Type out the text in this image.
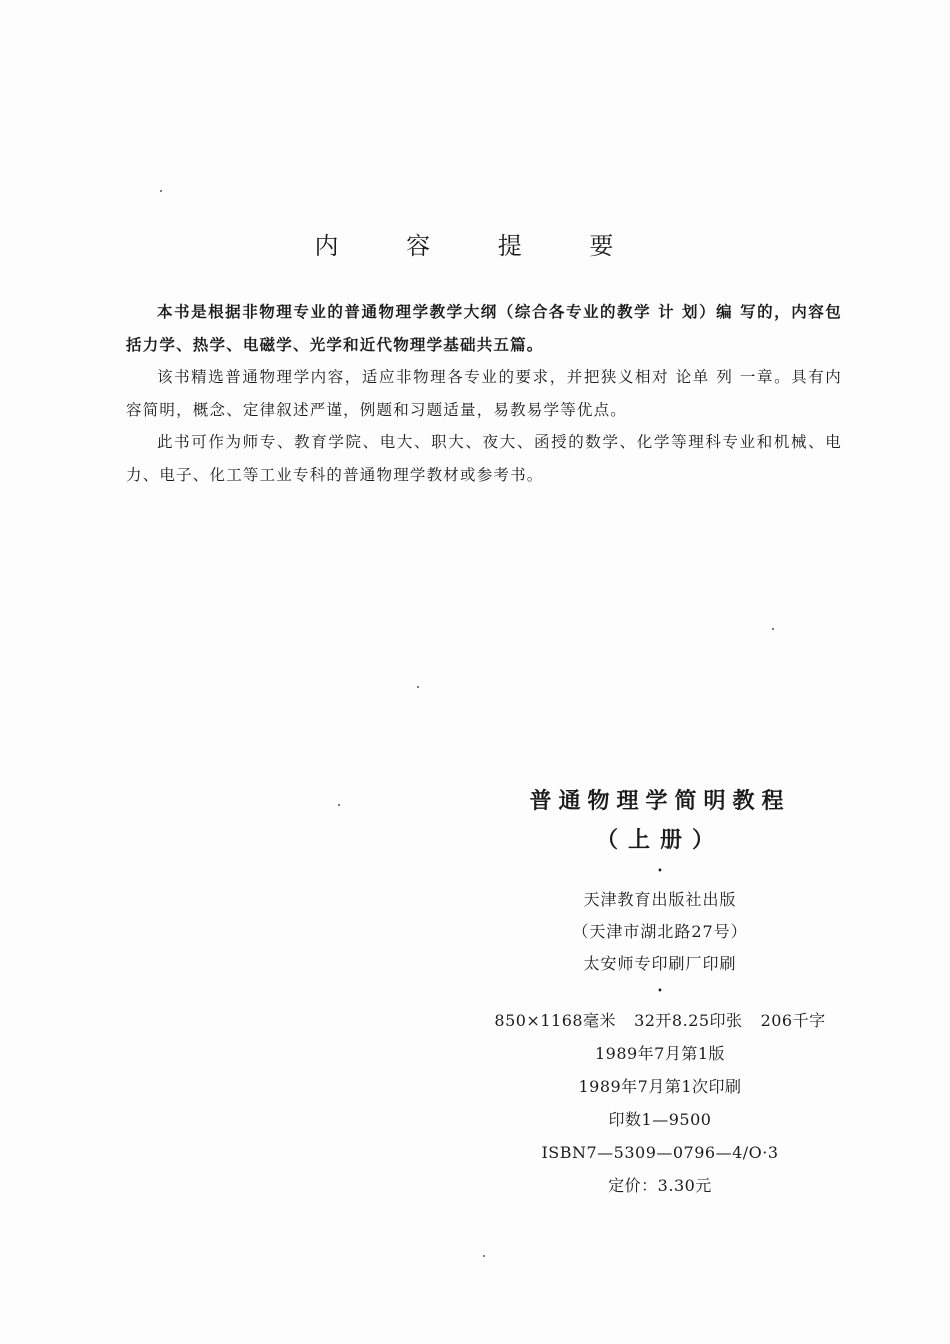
内 容 提 要

本书是根据非物理专业的普通物理学教学大纲（综合各专业的教学 计 划）编 写的，内容包括力学、热学、电磁学、光学和近代物理学基础共五篇。

该书精选普通物理学内容，适应非物理各专业的要求，并把狭义相对 论单 列 一章。具有内容简明，概念、定律叙述严谨，例题和习题适量，易教易学等优点。

此书可作为师专、教育学院、电大、职大、夜大、函授的数学、化学等理科专业和机械、电力、电子、化工等工业专科的普通物理学教材或参考书。

普通物理学简明教程
（上册）
•
天津教育出版社出版
（天津市湖北路27号）
太安师专印刷厂印刷
•
850×1168毫米 32开8.25印张 206千字
1989年7月第1版
1989年7月第1次印刷
印数1—9500
ISBN7—5309—0796—4/O·3
定价：3.30元
